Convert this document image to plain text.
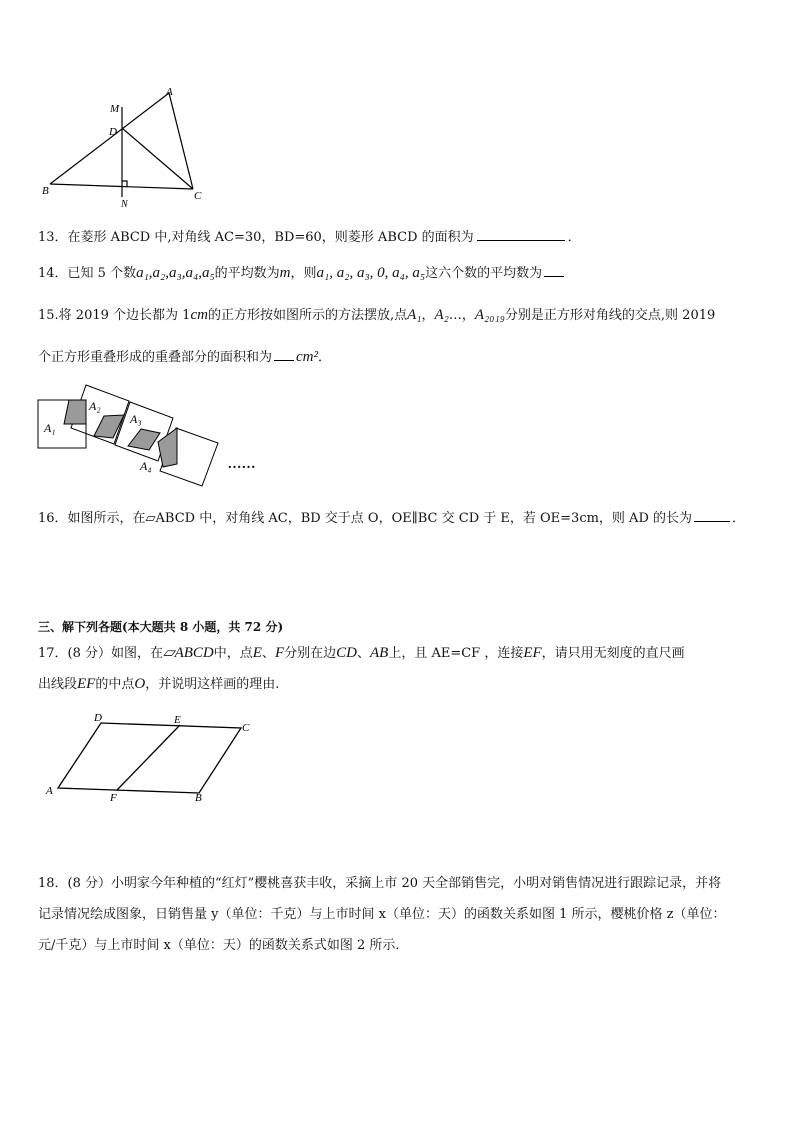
M
A
D
B	C
N
13．在菱形 ABCD 中,对角线 AC=30，BD=60，则菱形 ABCD 的面积为	．
14．已知 5 个数a₁,a₂,a₃,a₄,a₅的平均数为m，则a₁, a₂, a₃, 0, a₄, a₅这六个数的平均数为
15.将 2019 个边长都为 1cm的正方形按如图所示的方法摆放,点A₁，A₂…，A₂₀₁₉分别是正方形对角线的交点,则 2019
个正方形重叠形成的重叠部分的面积和为 cm²．
A₁
A₂
A₃
A₄	……
16．如图所示，在▱ABCD 中，对角线 AC，BD 交于点 O，OE∥BC 交 CD 于 E，若 OE=3cm，则 AD 的长为	．
三、解下列各题(本大题共 8 小题，共 72 分)
17．(8 分）如图，在▱ABCD中，点E、F分别在边CD、AB上，且 AE=CF ，连接EF，请只用无刻度的直尺画
出线段EF的中点O，并说明这样画的理由.
D	E
C
A
F	B
18．(8 分）小明家今年种植的“红灯”樱桃喜获丰收，采摘上市 20 天全部销售完，小明对销售情况进行跟踪记录，并将
记录情况绘成图象，日销售量 y（单位：千克）与上市时间 x（单位：天）的函数关系如图 1 所示，樱桃价格 z（单位：
元/千克）与上市时间 x（单位：天）的函数关系式如图 2 所示．
